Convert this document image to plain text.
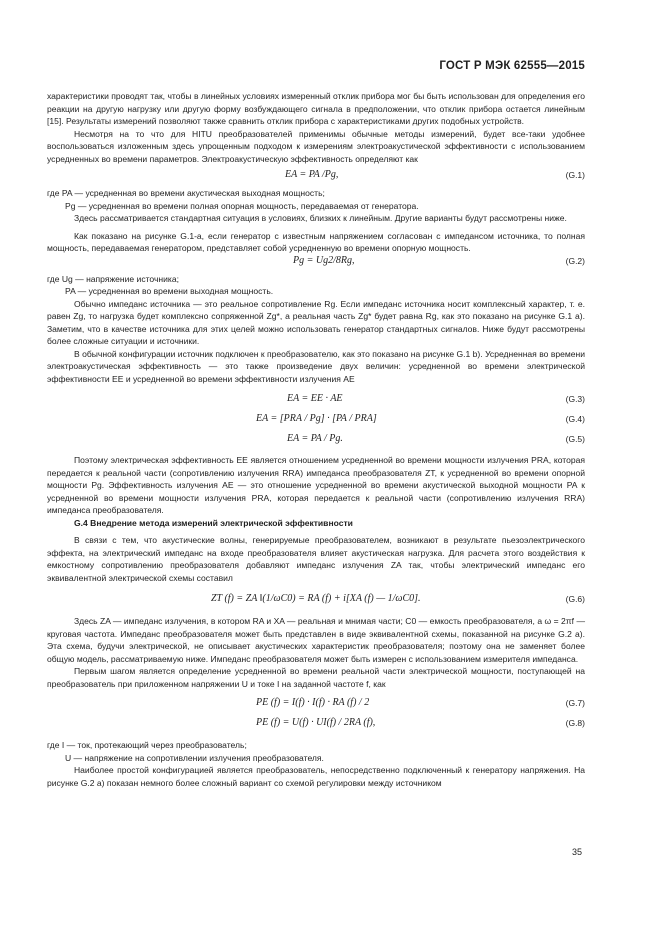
ГОСТ Р МЭК 62555—2015

характеристики проводят так, чтобы в линейных условиях измеренный отклик прибора мог бы быть использован для определения его реакции на другую нагрузку или другую форму возбуждающего сигнала в предположении, что отклик прибора остается линейным [15]. Результаты измерений позволяют также сравнить отклик прибора с характеристиками других подобных устройств.

Несмотря на то что для HITU преобразователей применимы обычные методы измерений, будет все-таки удобнее воспользоваться изложенным здесь упрощенным подходом к измерениям электроакустической эффективности с использованием усредненных во времени параметров. Электроакустическую эффективность определяют как

EA = PA /Pg,	(G.1)

где PA — усредненная во времени акустическая выходная мощность;

Pg — усредненная во времени полная опорная мощность, передаваемая от генератора.

Здесь рассматривается стандартная ситуация в условиях, близких к линейным. Другие варианты будут рассмотрены ниже.

Как показано на рисунке G.1-a, если генератор с известным напряжением согласован с импедансом источника, то полная мощность, передаваемая генератором, представляет собой усредненную во времени опорную мощность.

Pg = Ug2/8Rg,	(G.2)

где Ug — напряжение источника;

PA — усредненная во времени выходная мощность.

Обычно импеданс источника — это реальное сопротивление Rg. Если импеданс источника носит комплексный характер, т. е. равен Zg, то нагрузка будет комплексно сопряженной Zg*, а реальная часть Zg* будет равна Rg, как это показано на рисунке G.1 a). Заметим, что в качестве источника для этих целей можно использовать генератор стандартных сигналов. Ниже будут рассмотрены более сложные ситуации и источники.

В обычной конфигурации источник подключен к преобразователю, как это показано на рисунке G.1 b). Усредненная во времени электроакустическая эффективность — это также произведение двух величин: усредненной во времени электрической эффективности EE и усредненной во времени эффективности излучения AE

EA = EE · AE	(G.3)
EA = [PRA / Pg] · [PA / PRA]	(G.4)
EA = PA / Pg.	(G.5)

Поэтому электрическая эффективность EE является отношением усредненной во времени мощности излучения PRA, которая передается к реальной части (сопротивлению излучения RRA) импеданса преобразователя ZT, к усредненной во времени опорной мощности Pg. Эффективность излучения AE — это отношение усредненной во времени акустической выходной мощности PA к усредненной во времени мощности излучения PRA, которая передается к реальной части (сопротивлению излучения RRA) импеданса преобразователя.

G.4 Внедрение метода измерений электрической эффективности

В связи с тем, что акустические волны, генерируемые преобразователем, возникают в результате пьезоэлектрического эффекта, на электрический импеданс на входе преобразователя влияет акустическая нагрузка. Для расчета этого воздействия к емкостному сопротивлению преобразователя добавляют импеданс излучения ZA так, чтобы электрический импеданс его эквивалентной электрической схемы составил

ZT (f) = ZA ‖(1/ωC0) = RA (f) + i[XA (f) — 1/ωC0].	(G.6)

Здесь ZA — импеданс излучения, в котором RA и XA — реальная и мнимая части; C0 — емкость преобразователя, а ω = 2πf — круговая частота. Импеданс преобразователя может быть представлен в виде эквивалентной схемы, показанной на рисунке G.2 а). Эта схема, будучи электрической, не описывает акустических характеристик преобразователя; поэтому она не заменяет более общую модель, рассматриваемую ниже. Импеданс преобразователя может быть измерен с использованием измерителя импеданса.

Первым шагом является определение усредненной во времени реальной части электрической мощности, поступающей на преобразователь при приложенном напряжении U и токе I на заданной частоте f, как

PE (f) = I(f) · I(f) · RA (f) / 2	(G.7)
PE (f) = U(f) · UI(f) / 2RA (f),	(G.8)

где I — ток, протекающий через преобразователь;

U — напряжение на сопротивлении излучения преобразователя.

Наиболее простой конфигурацией является преобразователь, непосредственно подключенный к генератору напряжения. На рисунке G.2 а) показан немного более сложный вариант со схемой регулировки между источником

35
